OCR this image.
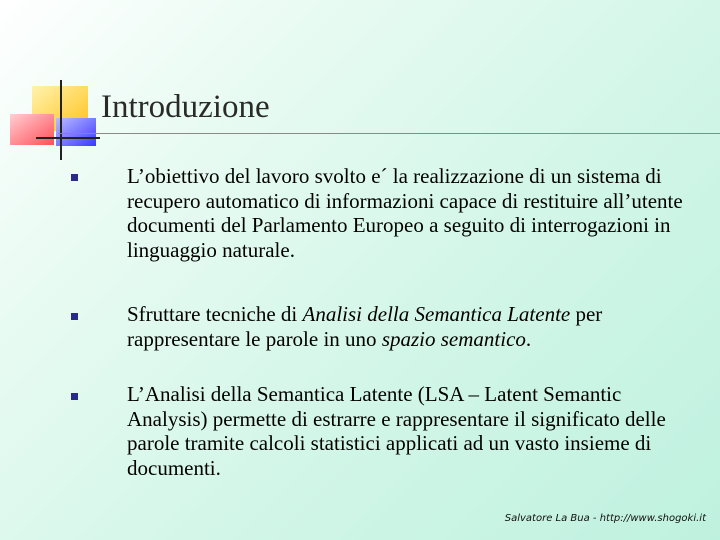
Introduzione

L’obiettivo del lavoro svolto e´ la realizzazione di un sistema di recupero automatico di informazioni capace di restituire all’utente documenti del Parlamento Europeo a seguito di interrogazioni in linguaggio naturale.

Sfruttare tecniche di Analisi della Semantica Latente per rappresentare le parole in uno spazio semantico.

L’Analisi della Semantica Latente (LSA – Latent Semantic Analysis) permette di estrarre e rappresentare il significato delle parole tramite calcoli statistici applicati ad un vasto insieme di documenti.

Salvatore La Bua - http://www.shogoki.it
